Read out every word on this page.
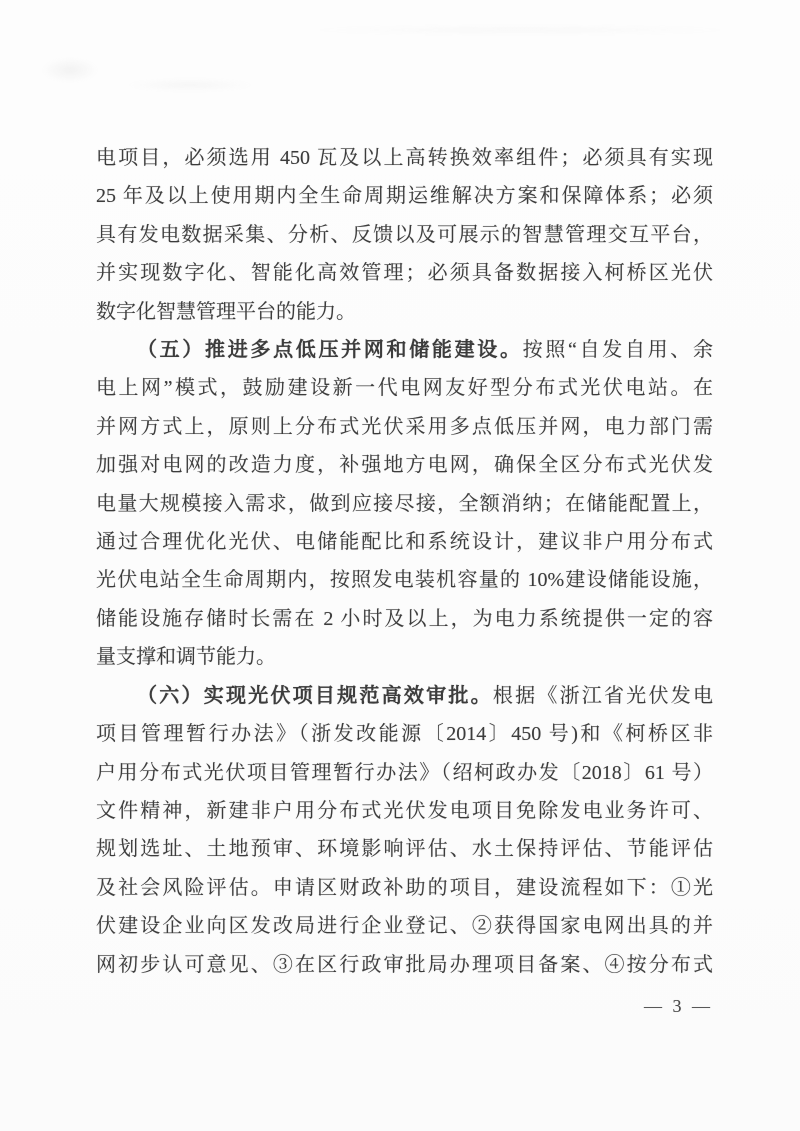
电项目，必须选用 450 瓦及以上高转换效率组件；必须具有实现

25 年及以上使用期内全生命周期运维解决方案和保障体系；必须

具有发电数据采集、分析、反馈以及可展示的智慧管理交互平台，

并实现数字化、智能化高效管理；必须具备数据接入柯桥区光伏

数字化智慧管理平台的能力。

（五）推进多点低压并网和储能建设。按照“自发自用、余

电上网”模式，鼓励建设新一代电网友好型分布式光伏电站。在

并网方式上，原则上分布式光伏采用多点低压并网，电力部门需

加强对电网的改造力度，补强地方电网，确保全区分布式光伏发

电量大规模接入需求，做到应接尽接，全额消纳；在储能配置上，

通过合理优化光伏、电储能配比和系统设计，建议非户用分布式

光伏电站全生命周期内，按照发电装机容量的 10%建设储能设施，

储能设施存储时长需在 2 小时及以上，为电力系统提供一定的容

量支撑和调节能力。

（六）实现光伏项目规范高效审批。根据《浙江省光伏发电

项目管理暂行办法》（浙发改能源〔2014〕450 号)和《柯桥区非

户用分布式光伏项目管理暂行办法》（绍柯政办发〔2018〕61 号）

文件精神，新建非户用分布式光伏发电项目免除发电业务许可、

规划选址、土地预审、环境影响评估、水土保持评估、节能评估

及社会风险评估。申请区财政补助的项目，建设流程如下：①光

伏建设企业向区发改局进行企业登记、②获得国家电网出具的并

网初步认可意见、③在区行政审批局办理项目备案、④按分布式

— 3 —
